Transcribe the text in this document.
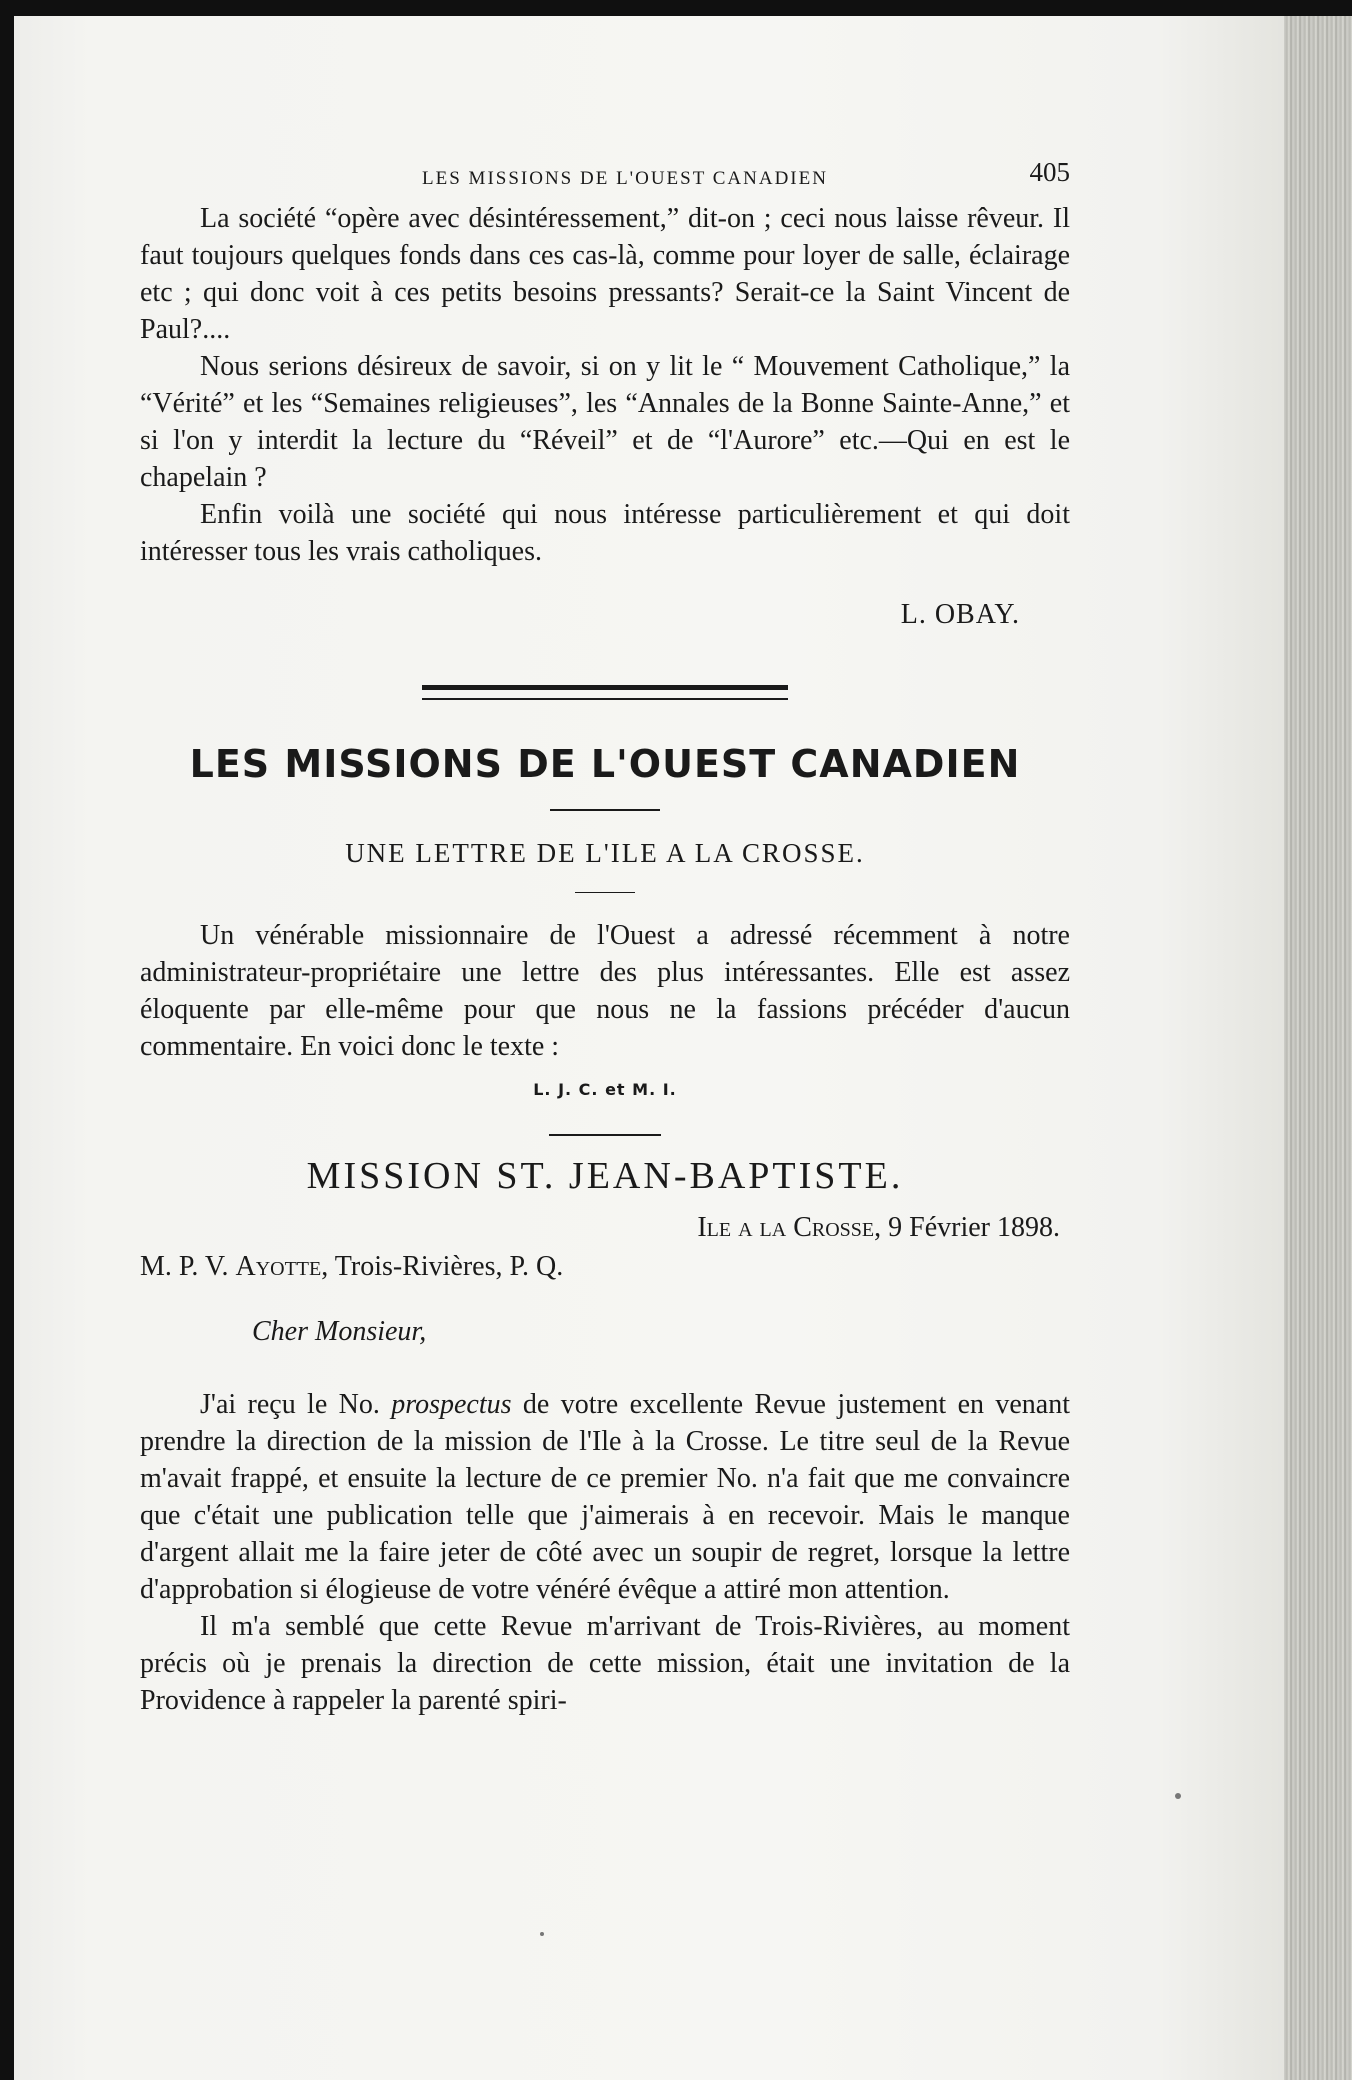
LES MISSIONS DE L'OUEST CANADIEN	405

La société “opère avec désintéressement,” dit-on ; ceci nous laisse rêveur. Il faut toujours quelques fonds dans ces cas-là, comme pour loyer de salle, éclairage etc ; qui donc voit à ces petits besoins pressants? Serait-ce la Saint Vincent de Paul?....

Nous serions désireux de savoir, si on y lit le “ Mouvement Catholique,” la “Vérité” et les “Semaines religieuses”, les “Annales de la Bonne Sainte-Anne,” et si l'on y interdit la lecture du “Réveil” et de “l'Aurore” etc.—Qui en est le chapelain ?

Enfin voilà une société qui nous intéresse particulièrement et qui doit intéresser tous les vrais catholiques.

L. OBAY.
LES MISSIONS DE L'OUEST CANADIEN
UNE LETTRE DE L'ILE A LA CROSSE.

Un vénérable missionnaire de l'Ouest a adressé récemment à notre administrateur-propriétaire une lettre des plus intéressantes. Elle est assez éloquente par elle-même pour que nous ne la fassions précéder d'aucun commentaire. En voici donc le texte :

L. J. C. et M. I.
MISSION ST. JEAN-BAPTISTE.
Ile a la Crosse, 9 Février 1898.
M. P. V. Ayotte, Trois-Rivières, P. Q.
Cher Monsieur,

J'ai reçu le No. prospectus de votre excellente Revue justement en venant prendre la direction de la mission de l'Ile à la Crosse. Le titre seul de la Revue m'avait frappé, et ensuite la lecture de ce premier No. n'a fait que me convaincre que c'était une publication telle que j'aimerais à en recevoir. Mais le manque d'argent allait me la faire jeter de côté avec un soupir de regret, lorsque la lettre d'approbation si élogieuse de votre vénéré évêque a attiré mon attention.

Il m'a semblé que cette Revue m'arrivant de Trois-Rivières, au moment précis où je prenais la direction de cette mission, était une invitation de la Providence à rappeler la parenté spiri-
